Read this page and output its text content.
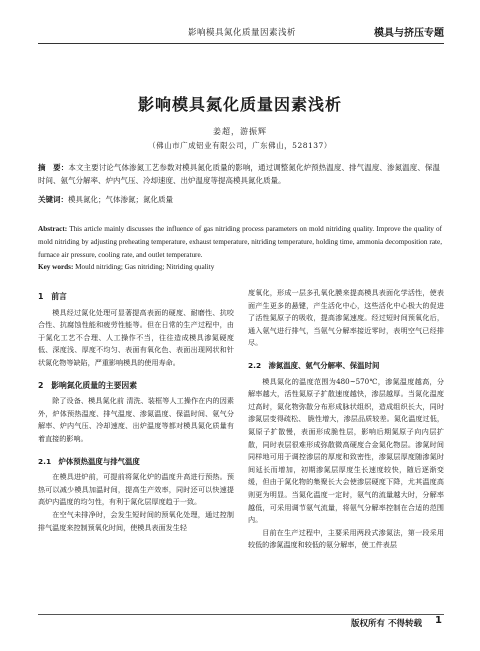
影响模具氮化质量因素浅析	模具与挤压专题
影响模具氮化质量因素浅析
姜超，游振辉
（佛山市广成铝业有限公司，广东佛山，528137）
摘　要：本文主要讨论气体渗氮工艺参数对模具氮化质量的影响，通过调整氮化炉预热温度、排气温度、渗氮温度、保温时间、氨气分解率、炉内气压、冷却速度、出炉温度等提高模具氮化质量。
关键词：模具氮化；气体渗氮；氮化质量
Abstract: This article mainly discusses the influence of gas nitriding process parameters on mold nitriding quality. Improve the quality of mold nitriding by adjusting preheating temperature, exhaust temperature, nitriding temperature, holding time, ammonia decomposition rate, furnace air pressure, cooling rate, and outlet temperature.
Key words: Mould nitriding; Gas nitriding; Nitriding quality
1　前言

模具经过氮化处理可显著提高表面的硬度、耐磨性、抗咬合性、抗腐蚀性能和疲劳性能等。但在日常的生产过程中，由于氮化工艺不合理、人工操作不当，往往造成模具渗氮硬度低、深度浅、厚度不均匀、表面有氧化色、表面出现网状和针状氮化物等缺陷，严重影响模具的使用寿命。

2　影响氮化质量的主要因素

除了设备、模具氮化前 清洗、装框等人工操作在内的因素外，炉体预热温度、排气温度、渗氮温度、保温时间、氨气分解率、炉内气压、冷却速度、出炉温度等都对模具氮化质量有着直接的影响。

2.1　炉体预热温度与排气温度

在模具进炉前，可提前将氮化炉的温度升高进行预热。预热可以减少模具加温时间，提高生产效率，同时还可以快速提高炉内温度的均匀性，有利于氮化层厚度趋于一致。

在空气未排净时，会发生短时间的预氧化处理，通过控制排气温度来控制预氧化时间，使模具表面发生轻

度氧化，形成一层多孔氧化膜来提高模具表面化学活性，使表面产生更多的悬键，产生活化中心，这些活化中心极大的促进了活性氮原子的吸收，提高渗氮速度。经过短时间预氧化后，通入氨气进行排气，当氨气分解率接近零时，表明空气已经排尽。

2.2　渗氮温度、氨气分解率、保温时间

模具氮化的温度范围为480~570℃，渗氮温度越高，分解率越大，活性氮原子扩散速度越快，渗层越厚。当氮化温度过高时，氮化物弥散分布形成脉状组织，造成组织长大，同时渗氮层变得疏松、 脆性增大，渗层品质较差。氮化温度过低，氮原子扩散慢，表面形成脆性层，影响后期氮原子向内层扩散，同时表层很难形成弥散微高硬度合金氮化物层。渗氮时间同样地可用于调控渗层的厚度和致密性，渗氮层厚度随渗氮时间延长而增加，初期渗氮层厚度生长速度较快，随后逐渐变缓，但由于氮化物的集聚长大会使渗层硬度下降，尤其温度高则更为明显。当氮化温度一定时，氨气的流量越大时，分解率越低，可采用调节氨气流量，将氨气分解率控制在合适的范围内。

目前在生产过程中，主要采用两段式渗氮法，第一段采用较低的渗氮温度和较低的氨分解率，使工件表层

版权所有 不得转载 1
